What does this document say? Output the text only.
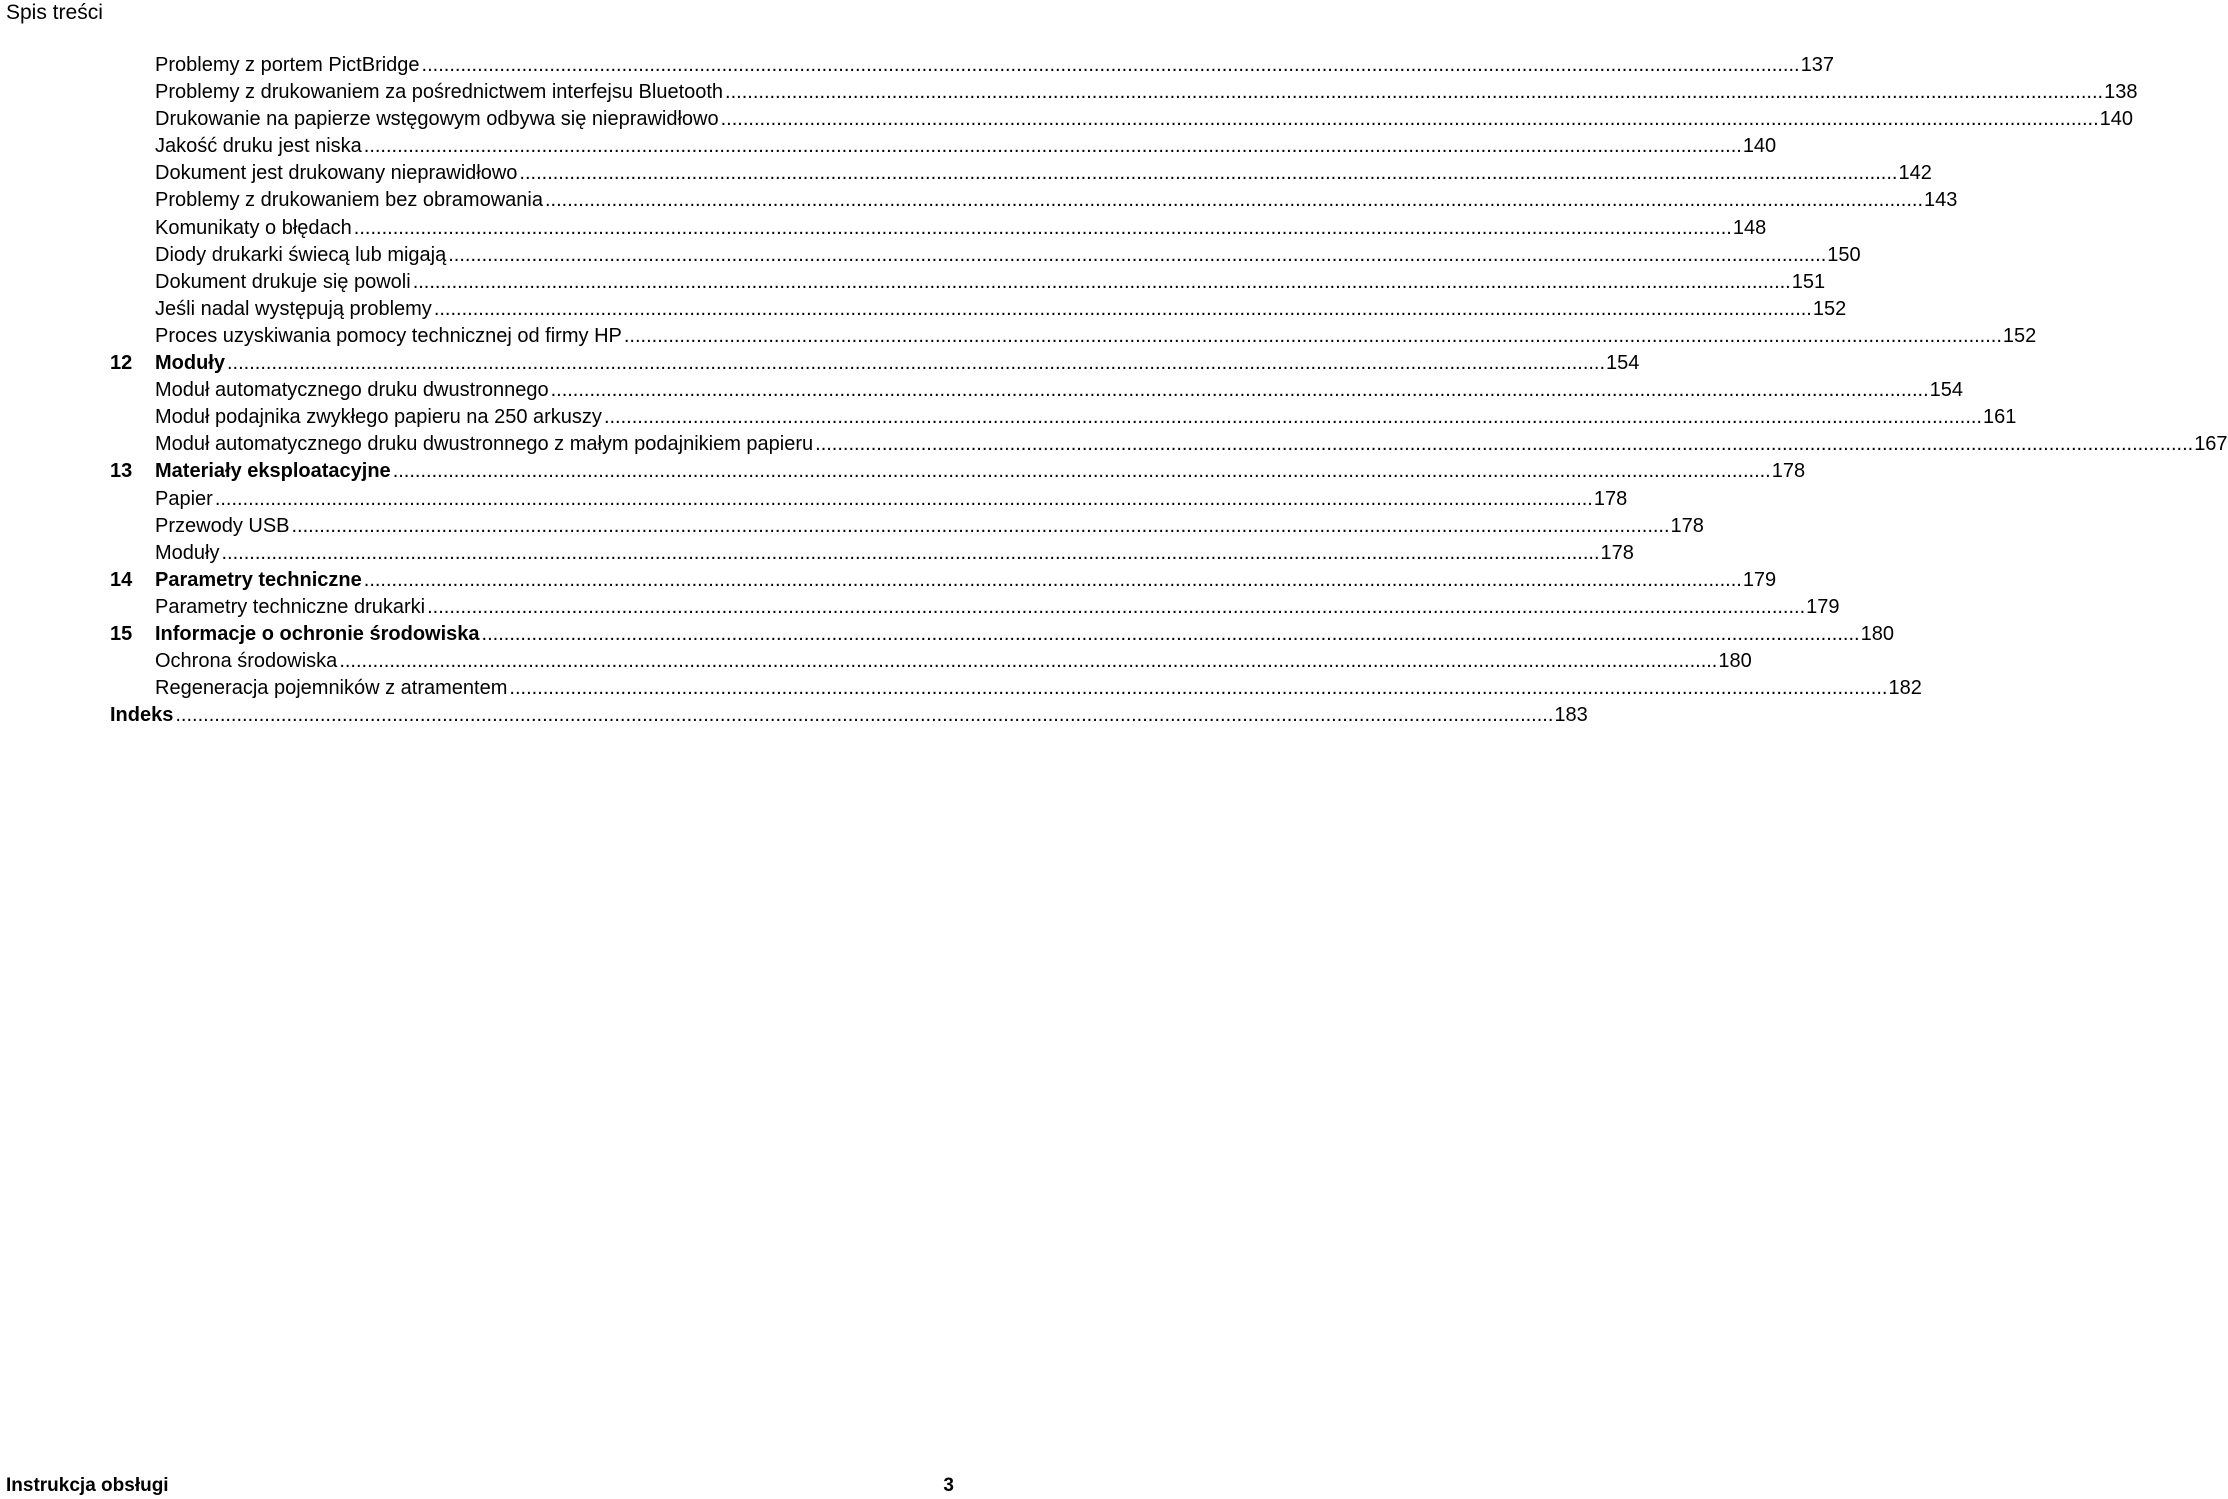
Spis treści
Problemy z portem PictBridge .....	137
Problemy z drukowaniem za pośrednictwem interfejsu Bluetooth .....	138
Drukowanie na papierze wstęgowym odbywa się nieprawidłowo .....	140
Jakość druku jest niska .....	140
Dokument jest drukowany nieprawidłowo .....	142
Problemy z drukowaniem bez obramowania .....	143
Komunikaty o błędach .....	148
Diody drukarki świecą lub migają .....	150
Dokument drukuje się powoli .....	151
Jeśli nadal występują problemy .....	152
Proces uzyskiwania pomocy technicznej od firmy HP .....	152
12	Moduły .....	154
Moduł automatycznego druku dwustronnego .....	154
Moduł podajnika zwykłego papieru na 250 arkuszy .....	161
Moduł automatycznego druku dwustronnego z małym podajnikiem papieru .....	167
13	Materiały eksploatacyjne .....	178
Papier .....	178
Przewody USB .....	178
Moduły .....	178
14	Parametry techniczne .....	179
Parametry techniczne drukarki .....	179
15	Informacje o ochronie środowiska .....	180
Ochrona środowiska .....	180
Regeneracja pojemników z atramentem .....	182
Indeks .....	183
Instrukcja obsługi	3
